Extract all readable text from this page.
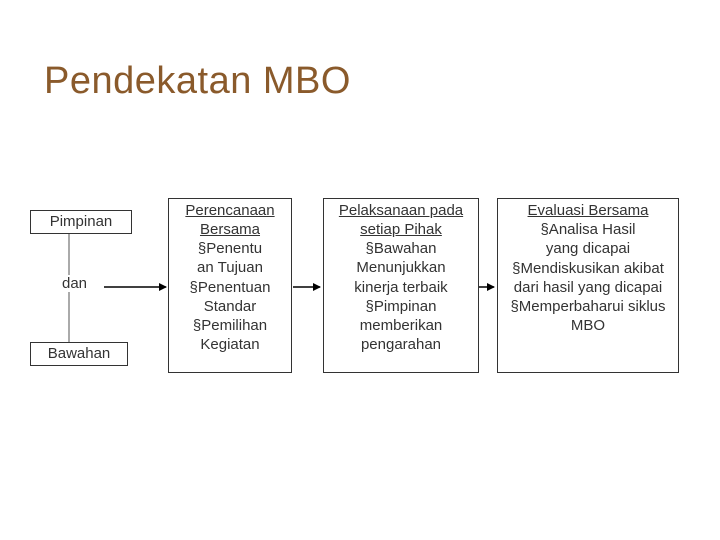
Pendekatan MBO
Pimpinan
dan
Bawahan
Perencanaan
Bersama
§Penentu
an Tujuan
§Penentuan
Standar
§Pemilihan
Kegiatan
Pelaksanaan pada
setiap Pihak
§Bawahan
Menunjukkan
kinerja terbaik
§Pimpinan
memberikan
pengarahan
Evaluasi Bersama
§Analisa Hasil
yang dicapai
§Mendiskusikan akibat
dari hasil yang dicapai
§Memperbaharui siklus
MBO
